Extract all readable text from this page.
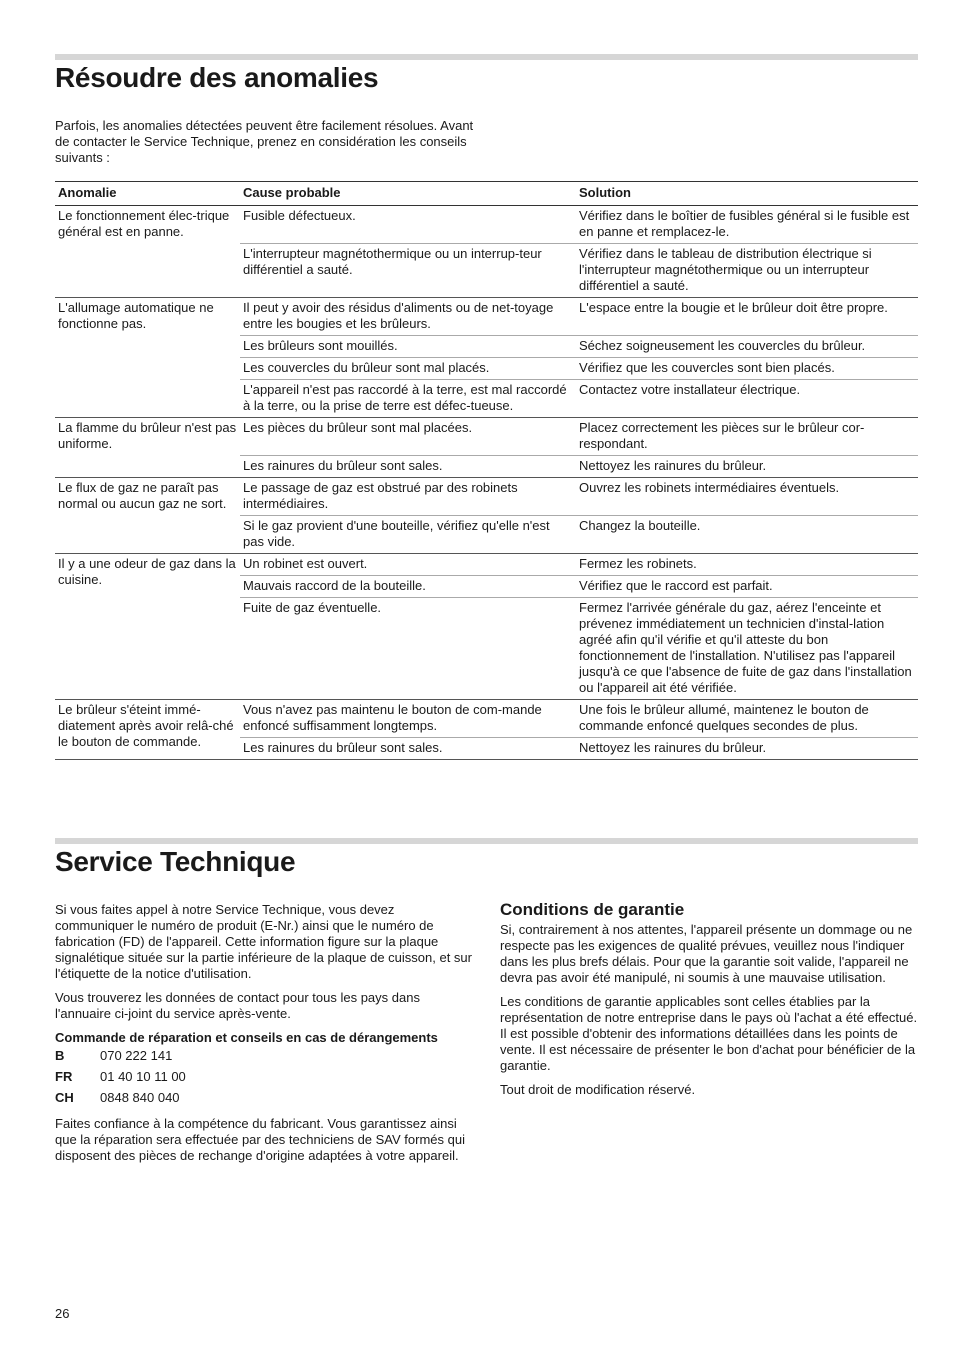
Résoudre des anomalies

Parfois, les anomalies détectées peuvent être facilement résolues. Avant de contacter le Service Technique, prenez en considération les conseils suivants :

Anomalie	Cause probable	Solution
Le fonctionnement élec-trique général est en panne.	Fusible défectueux.	Vérifiez dans le boîtier de fusibles général si le fusible est en panne et remplacez-le.
	L'interrupteur magnétothermique ou un interrup-teur différentiel a sauté.	Vérifiez dans le tableau de distribution électrique si l'interrupteur magnétothermique ou un interrupteur différentiel a sauté.
L'allumage automatique ne fonctionne pas.	Il peut y avoir des résidus d'aliments ou de net-toyage entre les bougies et les brûleurs.	L'espace entre la bougie et le brûleur doit être propre.
	Les brûleurs sont mouillés.	Séchez soigneusement les couvercles du brûleur.
	Les couvercles du brûleur sont mal placés.	Vérifiez que les couvercles sont bien placés.
	L'appareil n'est pas raccordé à la terre, est mal raccordé à la terre, ou la prise de terre est défec-tueuse.	Contactez votre installateur électrique.
La flamme du brûleur n'est pas uniforme.	Les pièces du brûleur sont mal placées.	Placez correctement les pièces sur le brûleur cor-respondant.
	Les rainures du brûleur sont sales.	Nettoyez les rainures du brûleur.
Le flux de gaz ne paraît pas normal ou aucun gaz ne sort.	Le passage de gaz est obstrué par des robinets intermédiaires.	Ouvrez les robinets intermédiaires éventuels.
	Si le gaz provient d'une bouteille, vérifiez qu'elle n'est pas vide.	Changez la bouteille.
Il y a une odeur de gaz dans la cuisine.	Un robinet est ouvert.	Fermez les robinets.
	Mauvais raccord de la bouteille.	Vérifiez que le raccord est parfait.
	Fuite de gaz éventuelle.	Fermez l'arrivée générale du gaz, aérez l'enceinte et prévenez immédiatement un technicien d'instal-lation agréé afin qu'il vérifie et qu'il atteste du bon fonctionnement de l'installation. N'utilisez pas l'appareil jusqu'à ce que l'absence de fuite de gaz dans l'installation ou l'appareil ait été vérifiée.
Le brûleur s'éteint immé-diatement après avoir relâ-ché le bouton de commande.	Vous n'avez pas maintenu le bouton de com-mande enfoncé suffisamment longtemps.	Une fois le brûleur allumé, maintenez le bouton de commande enfoncé quelques secondes de plus.
	Les rainures du brûleur sont sales.	Nettoyez les rainures du brûleur.
Service Technique

Si vous faites appel à notre Service Technique, vous devez communiquer le numéro de produit (E-Nr.) ainsi que le numéro de fabrication (FD) de l'appareil. Cette information figure sur la plaque signalétique située sur la partie inférieure de la plaque de cuisson, et sur l'étiquette de la notice d'utilisation.

Vous trouverez les données de contact pour tous les pays dans l'annuaire ci-joint du service après-vente.

Commande de réparation et conseils en cas de dérangements
B	070 222 141
FR	01 40 10 11 00
CH	0848 840 040

Faites confiance à la compétence du fabricant. Vous garantissez ainsi que la réparation sera effectuée par des techniciens de SAV formés qui disposent des pièces de rechange d'origine adaptées à votre appareil.

Conditions de garantie

Si, contrairement à nos attentes, l'appareil présente un dommage ou ne respecte pas les exigences de qualité prévues, veuillez nous l'indiquer dans les plus brefs délais. Pour que la garantie soit valide, l'appareil ne devra pas avoir été manipulé, ni soumis à une mauvaise utilisation.

Les conditions de garantie applicables sont celles établies par la représentation de notre entreprise dans le pays où l'achat a été effectué. Il est possible d'obtenir des informations détaillées dans les points de vente. Il est nécessaire de présenter le bon d'achat pour bénéficier de la garantie.

Tout droit de modification réservé.

26
